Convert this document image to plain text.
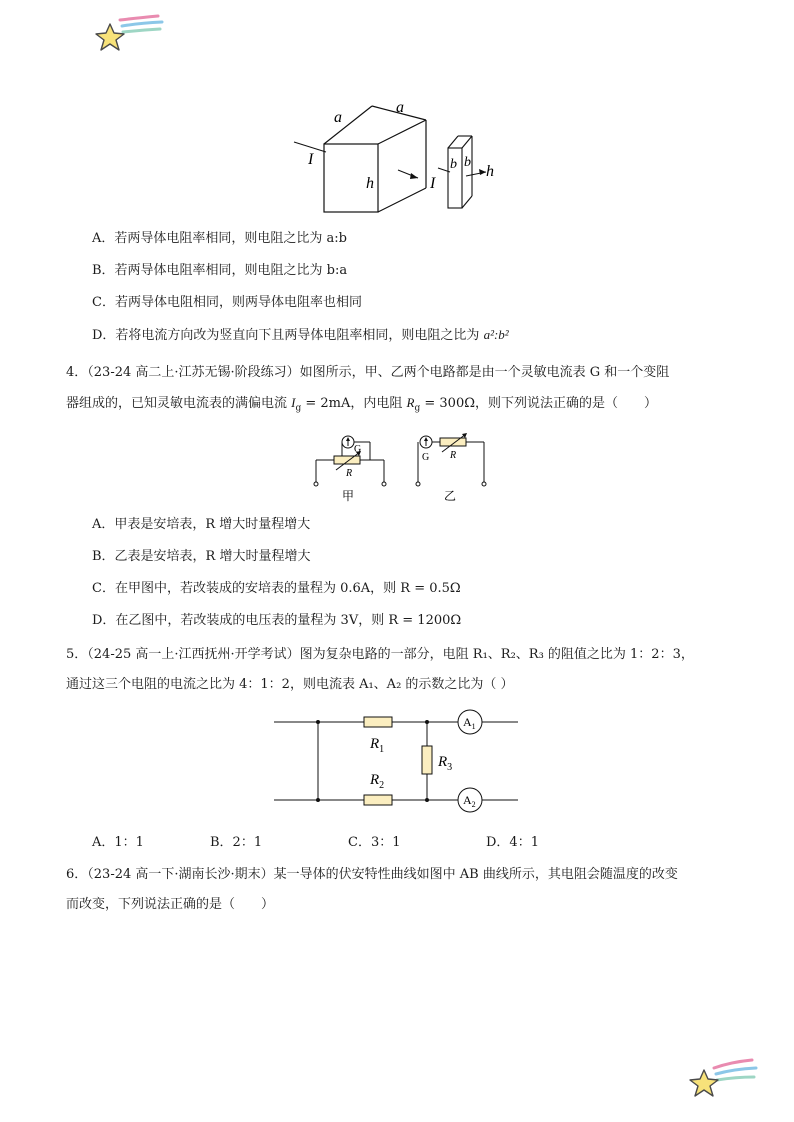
a
a
h
I
I
b b
h
A．若两导体电阻率相同，则电阻之比为 a:b
B．若两导体电阻率相同，则电阻之比为 b:a
C．若两导体电阻相同，则两导体电阻率也相同
D．若将电流方向改为竖直向下且两导体电阻率相同，则电阻之比为 a²:b²
4．（23-24 高二上·江苏无锡·阶段练习）如图所示，甲、乙两个电路都是由一个灵敏电流表 G 和一个变阻
器组成的，已知灵敏电流表的满偏电流 $I_g = 2mA$，内电阻 $R_g = 300\Omega$，则下列说法正确的是（　　）
G
R
甲
G R
乙
A．甲表是安培表，R 增大时量程增大
B．乙表是安培表，R 增大时量程增大
C．在甲图中，若改装成的安培表的量程为 0.6A，则 R = 0.5Ω
D．在乙图中，若改装成的电压表的量程为 3V，则 R = 1200Ω
5．（24-25 高一上·江西抚州·开学考试）图为复杂电路的一部分，电阻 R₁、R₂、R₃ 的阻值之比为 1：2：3，
通过这三个电阻的电流之比为 4：1：2，则电流表 A₁、A₂ 的示数之比为（ ）
$R_1$
$R_2$
$R_3$
$A_1$
$A_2$
A．1：1	B．2：1	C．3：1	D．4：1
6．（23-24 高一下·湖南长沙·期末）某一导体的伏安特性曲线如图中 AB 曲线所示，其电阻会随温度的改变
而改变，下列说法正确的是（　　）
